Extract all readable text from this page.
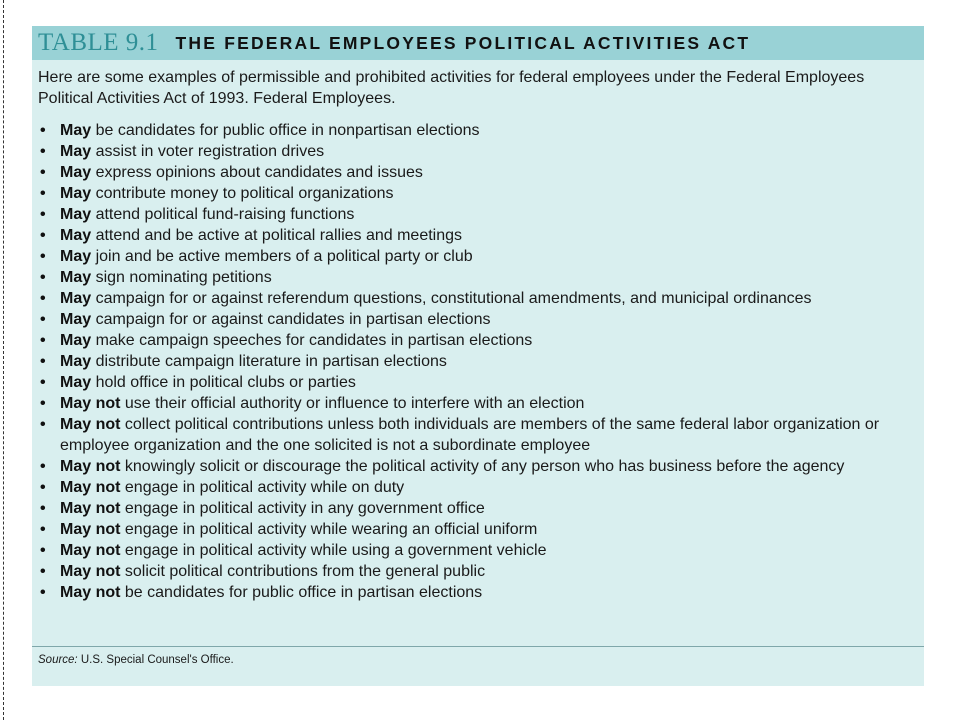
TABLE 9.1 THE FEDERAL EMPLOYEES POLITICAL ACTIVITIES ACT
Here are some examples of permissible and prohibited activities for federal employees under the Federal Employees Political Activities Act of 1993. Federal Employees.
• May be candidates for public office in nonpartisan elections
• May assist in voter registration drives
• May express opinions about candidates and issues
• May contribute money to political organizations
• May attend political fund-raising functions
• May attend and be active at political rallies and meetings
• May join and be active members of a political party or club
• May sign nominating petitions
• May campaign for or against referendum questions, constitutional amendments, and municipal ordinances
• May campaign for or against candidates in partisan elections
• May make campaign speeches for candidates in partisan elections
• May distribute campaign literature in partisan elections
• May hold office in political clubs or parties
• May not use their official authority or influence to interfere with an election
• May not collect political contributions unless both individuals are members of the same federal labor organization or employee organization and the one solicited is not a subordinate employee
• May not knowingly solicit or discourage the political activity of any person who has business before the agency
• May not engage in political activity while on duty
• May not engage in political activity in any government office
• May not engage in political activity while wearing an official uniform
• May not engage in political activity while using a government vehicle
• May not solicit political contributions from the general public
• May not be candidates for public office in partisan elections
Source: U.S. Special Counsel's Office.
